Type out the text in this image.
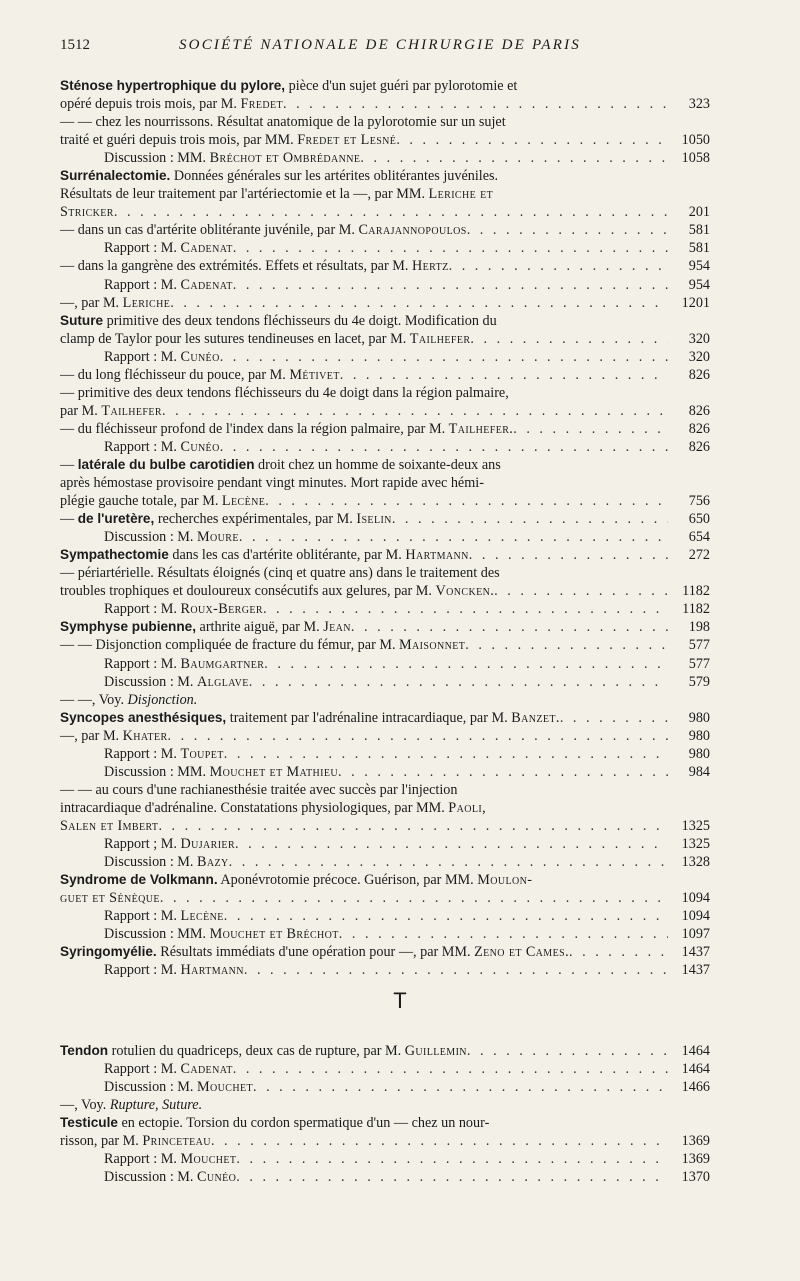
1512	SOCIÉTÉ NATIONALE DE CHIRURGIE DE PARIS
Sténose hypertrophique du pylore, pièce d'un sujet guéri par pylorotomie et
opéré depuis trois mois, par M. Fredet . . .	323
— — chez les nourrissons. Résultat anatomique de la pylorotomie sur un sujet
traité et guéri depuis trois mois, par MM. Fredet et Lesné . . .	1050
Discussion : MM. Bréchot et Ombrédanne . . .	1058
Surrénalectomie. Données générales sur les artérites oblitérantes juvéniles.
Résultats de leur traitement par l'artériectomie et la —, par MM. Leriche et
Stricker . . .	201
— dans un cas d'artérite oblitérante juvénile, par M. Carajannopoulos . . .	581
Rapport : M. Cadenat . . .	581
— dans la gangrène des extrémités. Effets et résultats, par M. Hertz . . .	954
Rapport : M. Cadenat . . .	954
—, par M. Leriche . . .	1201
Suture primitive des deux tendons fléchisseurs du 4e doigt. Modification du
clamp de Taylor pour les sutures tendineuses en lacet, par M. Tailhefer . . .	320
Rapport : M. Cunéo . . .	320
— du long fléchisseur du pouce, par M. Métivet . . .	826
— primitive des deux tendons fléchisseurs du 4e doigt dans la région palmaire,
par M. Tailhefer . . .	826
— du fléchisseur profond de l'index dans la région palmaire, par M. Tailhefer. . . .	826
Rapport : M. Cunéo . . .	826
— latérale du bulbe carotidien droit chez un homme de soixante-deux ans
après hémostase provisoire pendant vingt minutes. Mort rapide avec hémi-
plégie gauche totale, par M. Lecène . . .	756
— de l'uretère, recherches expérimentales, par M. Iselin . . .	650
Discussion : M. Moure . . .	654
Sympathectomie dans les cas d'artérite oblitérante, par M. Hartmann . . .	272
— périartérielle. Résultats éloignés (cinq et quatre ans) dans le traitement des
troubles trophiques et douloureux consécutifs aux gelures, par M. Voncken. . . .	1182
Rapport : M. Roux-Berger . . .	1182
Symphyse pubienne, arthrite aiguë, par M. Jean . . .	198
— — Disjonction compliquée de fracture du fémur, par M. Maisonnet . . .	577
Rapport : M. Baumgartner . . .	577
Discussion : M. Alglave . . .	579
— —, Voy. Disjonction.
Syncopes anesthésiques, traitement par l'adrénaline intracardiaque, par M. Banzet. . . .	980
—, par M. Khater . . .	980
Rapport : M. Toupet . . .	980
Discussion : MM. Mouchet et Mathieu . . .	984
— — au cours d'une rachianesthésie traitée avec succès par l'injection
intracardiaque d'adrénaline. Constatations physiologiques, par MM. Paoli,
Salen et Imbert . . .	1325
Rapport ; M. Dujarier . . .	1325
Discussion : M. Bazy . . .	1328
Syndrome de Volkmann. Aponévrotomie précoce. Guérison, par MM. Moulon-
guet et Sénèque . . .	1094
Rapport : M. Lecène . . .	1094
Discussion : MM. Mouchet et Bréchot . . .	1097
Syringomyélie. Résultats immédiats d'une opération pour —, par MM. Zeno et Cames. . . .	1437
Rapport : M. Hartmann . . .	1437
T
Tendon rotulien du quadriceps, deux cas de rupture, par M. Guillemin . . .	1464
Rapport : M. Cadenat . . .	1464
Discussion : M. Mouchet . . .	1466
—, Voy. Rupture, Suture.
Testicule en ectopie. Torsion du cordon spermatique d'un — chez un nour-
risson, par M. Princeteau . . .	1369
Rapport : M. Mouchet . . .	1369
Discussion : M. Cunéo . . .	1370
